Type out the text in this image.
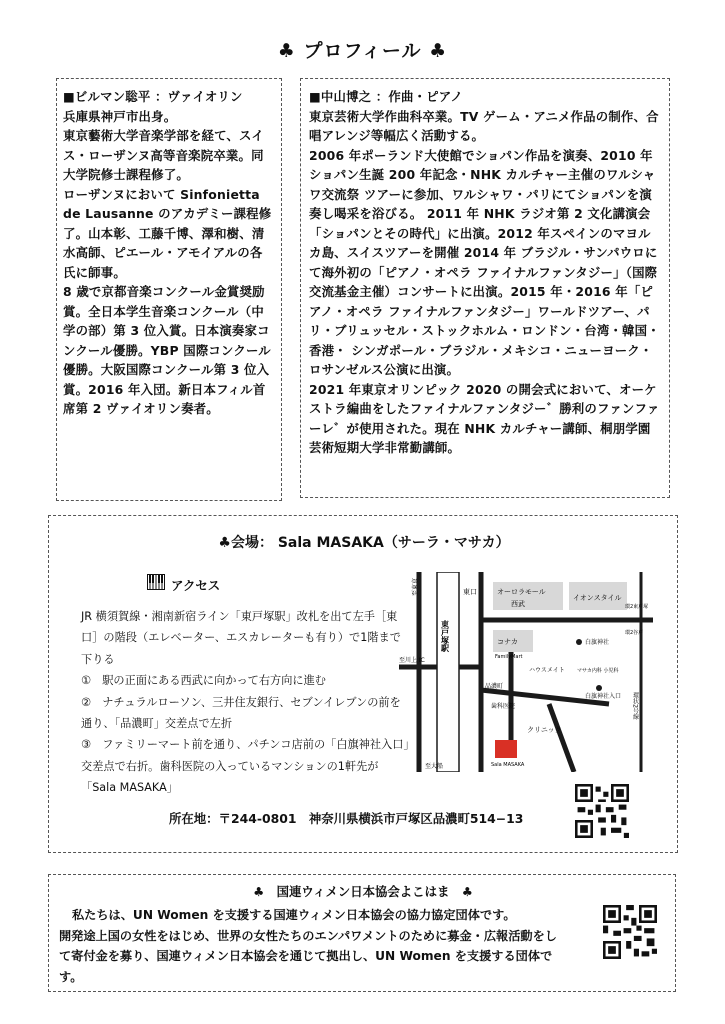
♣ プロフィール ♣

■ビルマン聡平 ：ヴァイオリン

兵庫県神戸市出身。

東京藝術大学音楽学部を経て、スイス・ローザンヌ高等音楽院卒業。同大学院修士課程修了。

ローザンヌにおいて Sinfonietta de Lausanne のアカデミー課程修了。山本彰、工藤千博、澤和樹、清水高師、ピエール・アモイアルの各氏に師事。

8 歳で京都音楽コンクール金賞奨励賞。全日本学生音楽コンクール（中学の部）第 3 位入賞。日本演奏家コンクール優勝。YBP 国際コンクール優勝。大阪国際コンクール第 3 位入賞。2016 年入団。新日本フィル首席第 2 ヴァイオリン奏者。

■中山博之 ：作曲・ピアノ

東京芸術大学作曲科卒業。TV ゲーム・アニメ作品の制作、合唱アレンジ等幅広く活動する。

2006 年ポーランド大使館でショパン作品を演奏、2010 年ショパン生誕 200 年記念・NHK カルチャー主催のワルシャワ交流祭 ツアーに参加、ワルシャワ・パリにてショパンを演奏し喝采を浴びる。 2011 年 NHK ラジオ第 2 文化講演会「ショパンとその時代」に出演。2012 年スペインのマヨルカ島、スイスツアーを開催 2014 年 ブラジル・サンパウロにて海外初の「ピアノ・オペラ ファイナルファンタジー」（国際交流基金主催）コンサートに出演。2015 年・2016 年「ピアノ・オペラ ファイナルファンタジー」ワールドツアー、パリ・ブリュッセル・ストックホルム・ロンドン・台湾・韓国・香港・ シンガポール・ブラジル・メキシコ・ニューヨーク・ロサンゼルス公演に出演。

2021 年東京オリンピック 2020 の開会式において、オーケストラ編曲をしたファイナルファンタジー゛勝利のファンファーレ゛が使用された。現在 NHK カルチャー講師、桐朋学園芸術短期大学非常勤講師。

♣会場： Sala MASAKA（サーラ・マサカ）
アクセス
JR 横須賀線・湘南新宿ライン「東戸塚駅」改札を出て左手［東口］の階段（エレベーター、エスカレーターも有り）で1階まで下りる
①　駅の正面にある西武に向かって右方向に進む
②　ナチュラルローソン、三井住友銀行、セブンイレブンの前を通り、「品濃町」交差点で左折
③　ファミリーマート前を通り、パチンコ店前の「白旗神社入口」交差点で右折。歯科医院の入っているマンションの1軒先が 「Sala MASAKA」
至東京	東口	オーロラモール
西武
イオンスタイル
コナカ
FamilyMart
白旗神社
東戸塚駅
ハウスメイト マサカ内科 小児科
歯科医院
白旗神社入口
クリニック
Sala MASAKA
至川上 IC
品濃町
JR横須賀線
至大船
環2東戸塚
環2谷戸
環状2号線
所在地：〒244-0801　神奈川県横浜市戸塚区品濃町514−13
♣　国連ウィメン日本協会よこはま　♣
私たちは、UN Women を支援する国連ウィメン日本協会の協力協定団体です。
開発途上国の女性をはじめ、世界の女性たちのエンパワメントのために募金・広報活動をして寄付金を募り、国連ウィメン日本協会を通じて拠出し、UN Women を支援する団体です。
